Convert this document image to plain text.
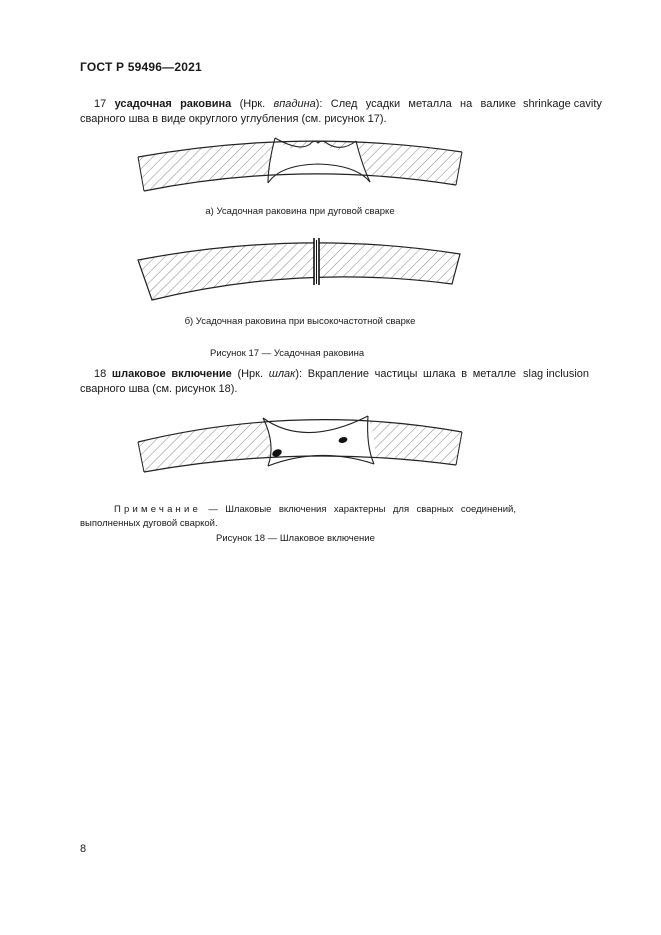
ГОСТ Р 59496—2021
17 усадочная раковина (Нрк. впадина): След усадки металла на валике сварного шва в виде округлого углубления (см. рисунок 17).
shrinkage cavity
а) Усадочная раковина при дуговой сварке
б) Усадочная раковина при высокочастотной сварке
Рисунок 17 — Усадочная раковина
18 шлаковое включение (Нрк. шлак): Вкрапление частицы шлака в металле сварного шва (см. рисунок 18).
slag inclusion
Примечание — Шлаковые включения характерны для сварных соединений, выполненных дуговой сваркой.
Рисунок 18 — Шлаковое включение
8
